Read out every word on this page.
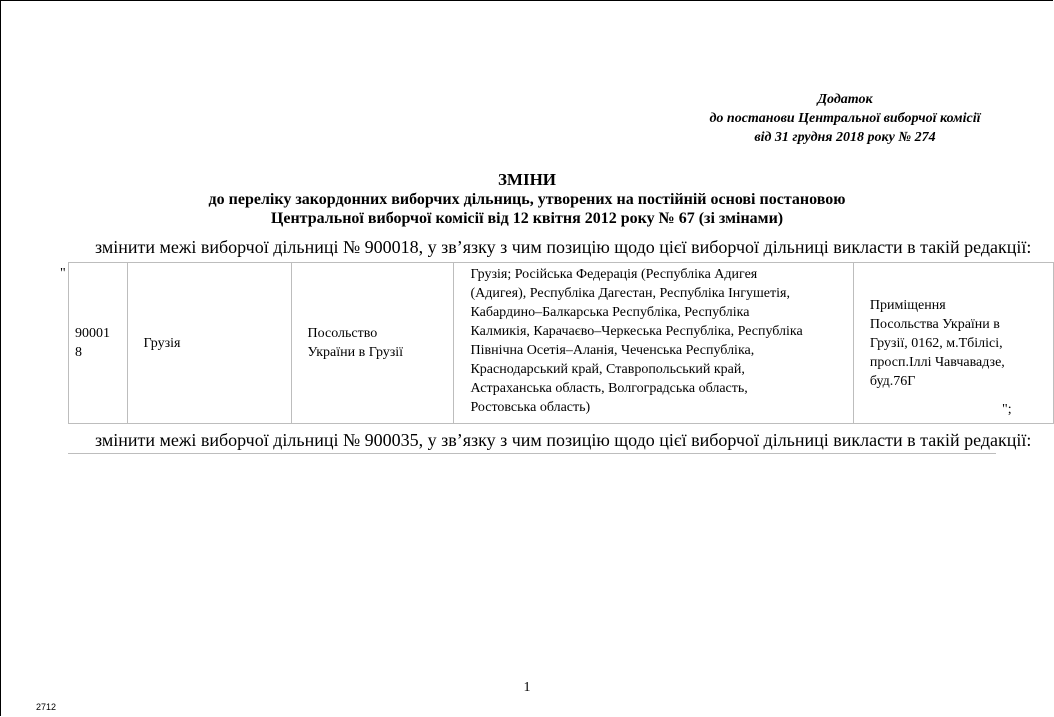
Додаток
до постанови Центральної виборчої комісії
від 31 грудня 2018 року № 274
ЗМІНИ
до переліку закордонних виборчих дільниць, утворених на постійній основі постановою
Центральної виборчої комісії від 12 квітня 2012 року № 67 (зі змінами)
змінити межі виборчої дільниці № 900018, у зв’язку з чим позицію щодо цієї виборчої дільниці викласти в такій редакції:
"
90001
8

Грузія

Посольство
України в Грузії

Грузія; Російська Федерація (Республіка Адигея
(Адигея), Республіка Дагестан, Республіка Інгушетія,
Кабардино–Балкарська Республіка, Республіка
Калмикія, Карачаєво–Черкеська Республіка, Республіка
Північна Осетія–Аланія, Чеченська Республіка,
Краснодарський край, Ставропольський край,
Астраханська область, Волгоградська область,
Ростовська область)

Приміщення
Посольства України в
Грузії, 0162, м.Тбілісі,
просп.Іллі Чавчавадзе,
буд.76Г
";
змінити межі виборчої дільниці № 900035, у зв’язку з чим позицію щодо цієї виборчої дільниці викласти в такій редакції:
1
2712
